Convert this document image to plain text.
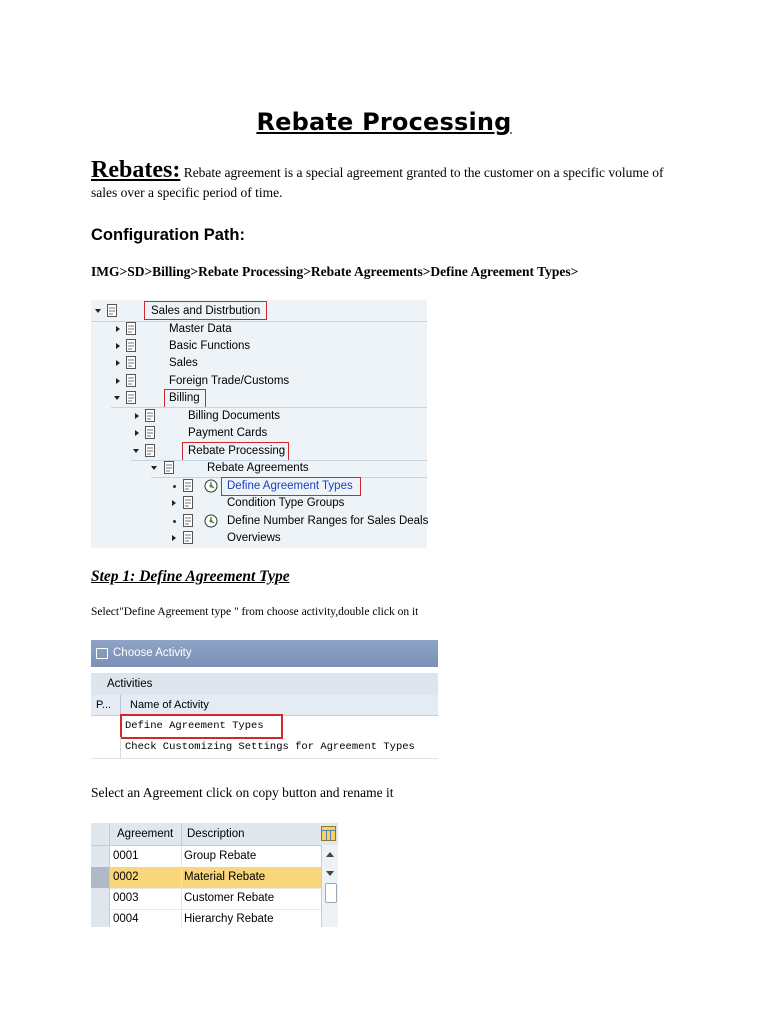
Rebate Processing
Rebates: Rebate agreement is a special agreement granted to the customer on a specific volume of sales over a specific period of time.
Configuration Path:
IMG>SD>Billing>Rebate Processing>Rebate Agreements>Define Agreement Types>
Sales and Distrbution
Master Data
Basic Functions
Sales
Foreign Trade/Customs
Billing
Billing Documents
Payment Cards
Rebate Processing
Rebate Agreements
Define Agreement Types
Condition Type Groups
Define Number Ranges for Sales Deals
Overviews
Step 1: Define Agreement Type
Select"Define Agreement type " from choose activity,double click on it
Choose Activity
Activities
P... Name of Activity
Define Agreement Types
Check Customizing Settings for Agreement Types
Select an Agreement click on copy button and rename it
Agreement Description
0001	Group Rebate
0002	Material Rebate
0003	Customer Rebate
0004	Hierarchy Rebate
